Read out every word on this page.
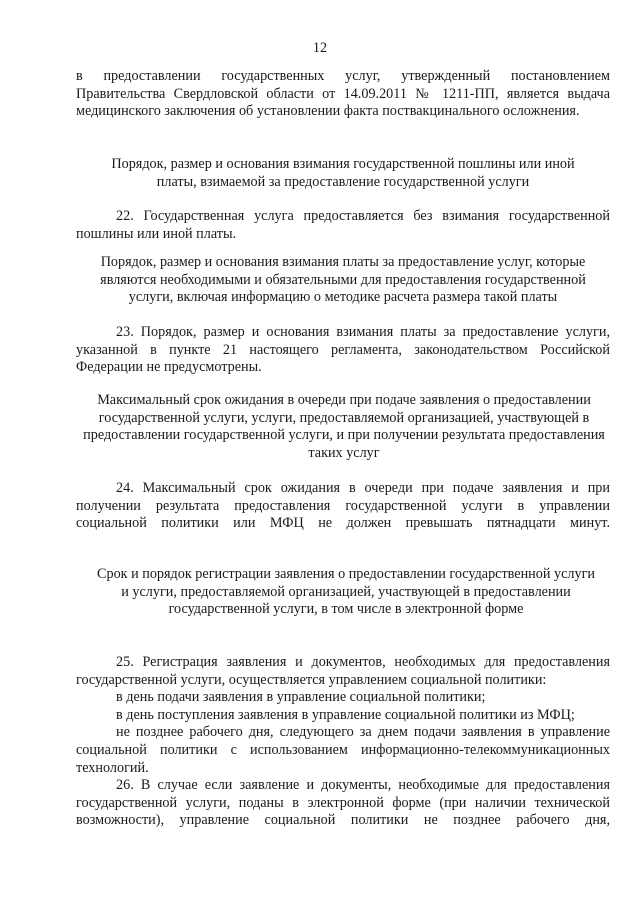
12

в предоставлении государственных услуг, утвержденный постановлением Правительства Свердловской области от 14.09.2011 № 1211-ПП, является выдача медицинского заключения об установлении факта поствакцинального осложнения.

Порядок, размер и основания взимания государственной пошлины или иной платы, взимаемой за предоставление государственной услуги

22. Государственная услуга предоставляется без взимания государственной пошлины или иной платы.

Порядок, размер и основания взимания платы за предоставление услуг, которые являются необходимыми и обязательными для предоставления государственной услуги, включая информацию о методике расчета размера такой платы

23. Порядок, размер и основания взимания платы за предоставление услуги, указанной в пункте 21 настоящего регламента, законодательством Российской Федерации не предусмотрены.

Максимальный срок ожидания в очереди при подаче заявления о предоставлении государственной услуги, услуги, предоставляемой организацией, участвующей в предоставлении государственной услуги, и при получении результата предоставления таких услуг

24. Максимальный срок ожидания в очереди при подаче заявления и при получении результата предоставления государственной услуги в управлении социальной политики или МФЦ не должен превышать пятнадцати минут.

Срок и порядок регистрации заявления о предоставлении государственной услуги и услуги, предоставляемой организацией, участвующей в предоставлении государственной услуги, в том числе в электронной форме

25. Регистрация заявления и документов, необходимых для предоставления государственной услуги, осуществляется управлением социальной политики:

в день подачи заявления в управление социальной политики;

в день поступления заявления в управление социальной политики из МФЦ;

не позднее рабочего дня, следующего за днем подачи заявления в управление социальной политики с использованием информационно-телекоммуникационных технологий.

26. В случае если заявление и документы, необходимые для предоставления государственной услуги, поданы в электронной форме (при наличии технической возможности), управление социальной политики не позднее рабочего дня,
